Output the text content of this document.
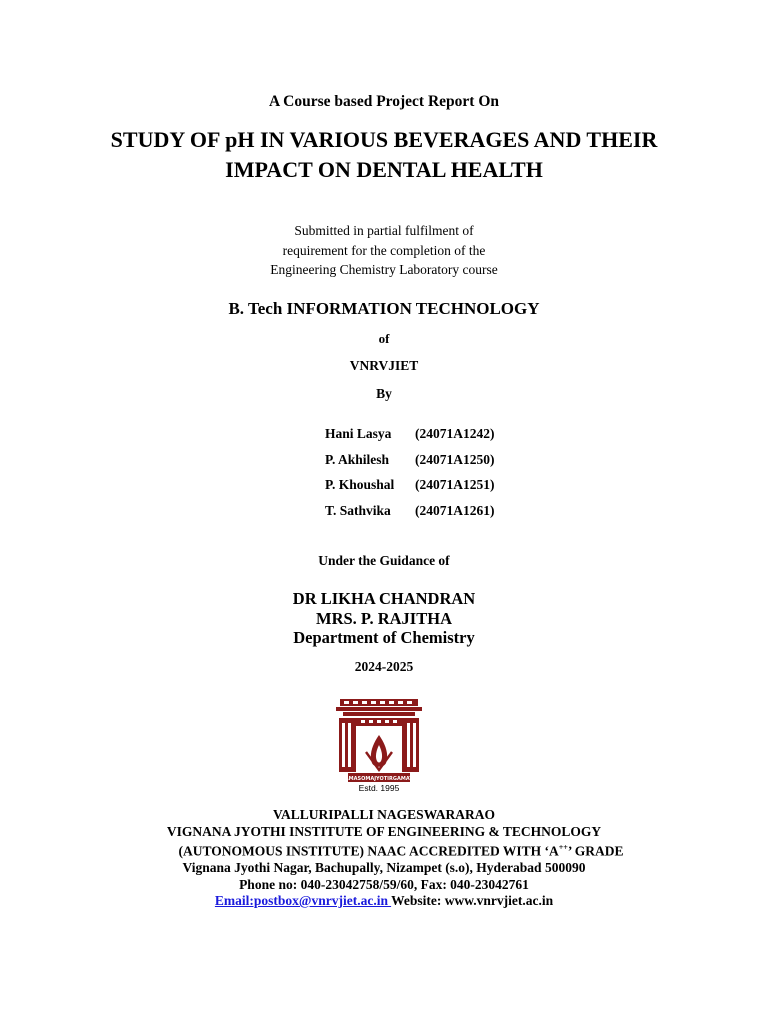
A Course based Project Report On
STUDY OF pH IN VARIOUS BEVERAGES AND THEIR
IMPACT ON DENTAL HEALTH
Submitted in partial fulfilment of
requirement for the completion of the
Engineering Chemistry Laboratory course
B. Tech INFORMATION TECHNOLOGY
of
VNRVJIET
By
Hani Lasya (24071A1242)
P. Akhilesh (24071A1250)
P. Khoushal (24071A1251)
T. Sathvika (24071A1261)
Under the Guidance of
DR LIKHA CHANDRAN
MRS. P. RAJITHA
Department of Chemistry
2024-2025
TAMASOMAJYOTIRGAMAYA
Estd. 1995
VALLURIPALLI NAGESWARARAO
VIGNANA JYOTHI INSTITUTE OF ENGINEERING & TECHNOLOGY
(AUTONOMOUS INSTITUTE) NAAC ACCREDITED WITH ‘A++’ GRADE
Vignana Jyothi Nagar, Bachupally, Nizampet (s.o), Hyderabad 500090
Phone no: 040-23042758/59/60, Fax: 040-23042761
Email:postbox@vnrvjiet.ac.in Website: www.vnrvjiet.ac.in
